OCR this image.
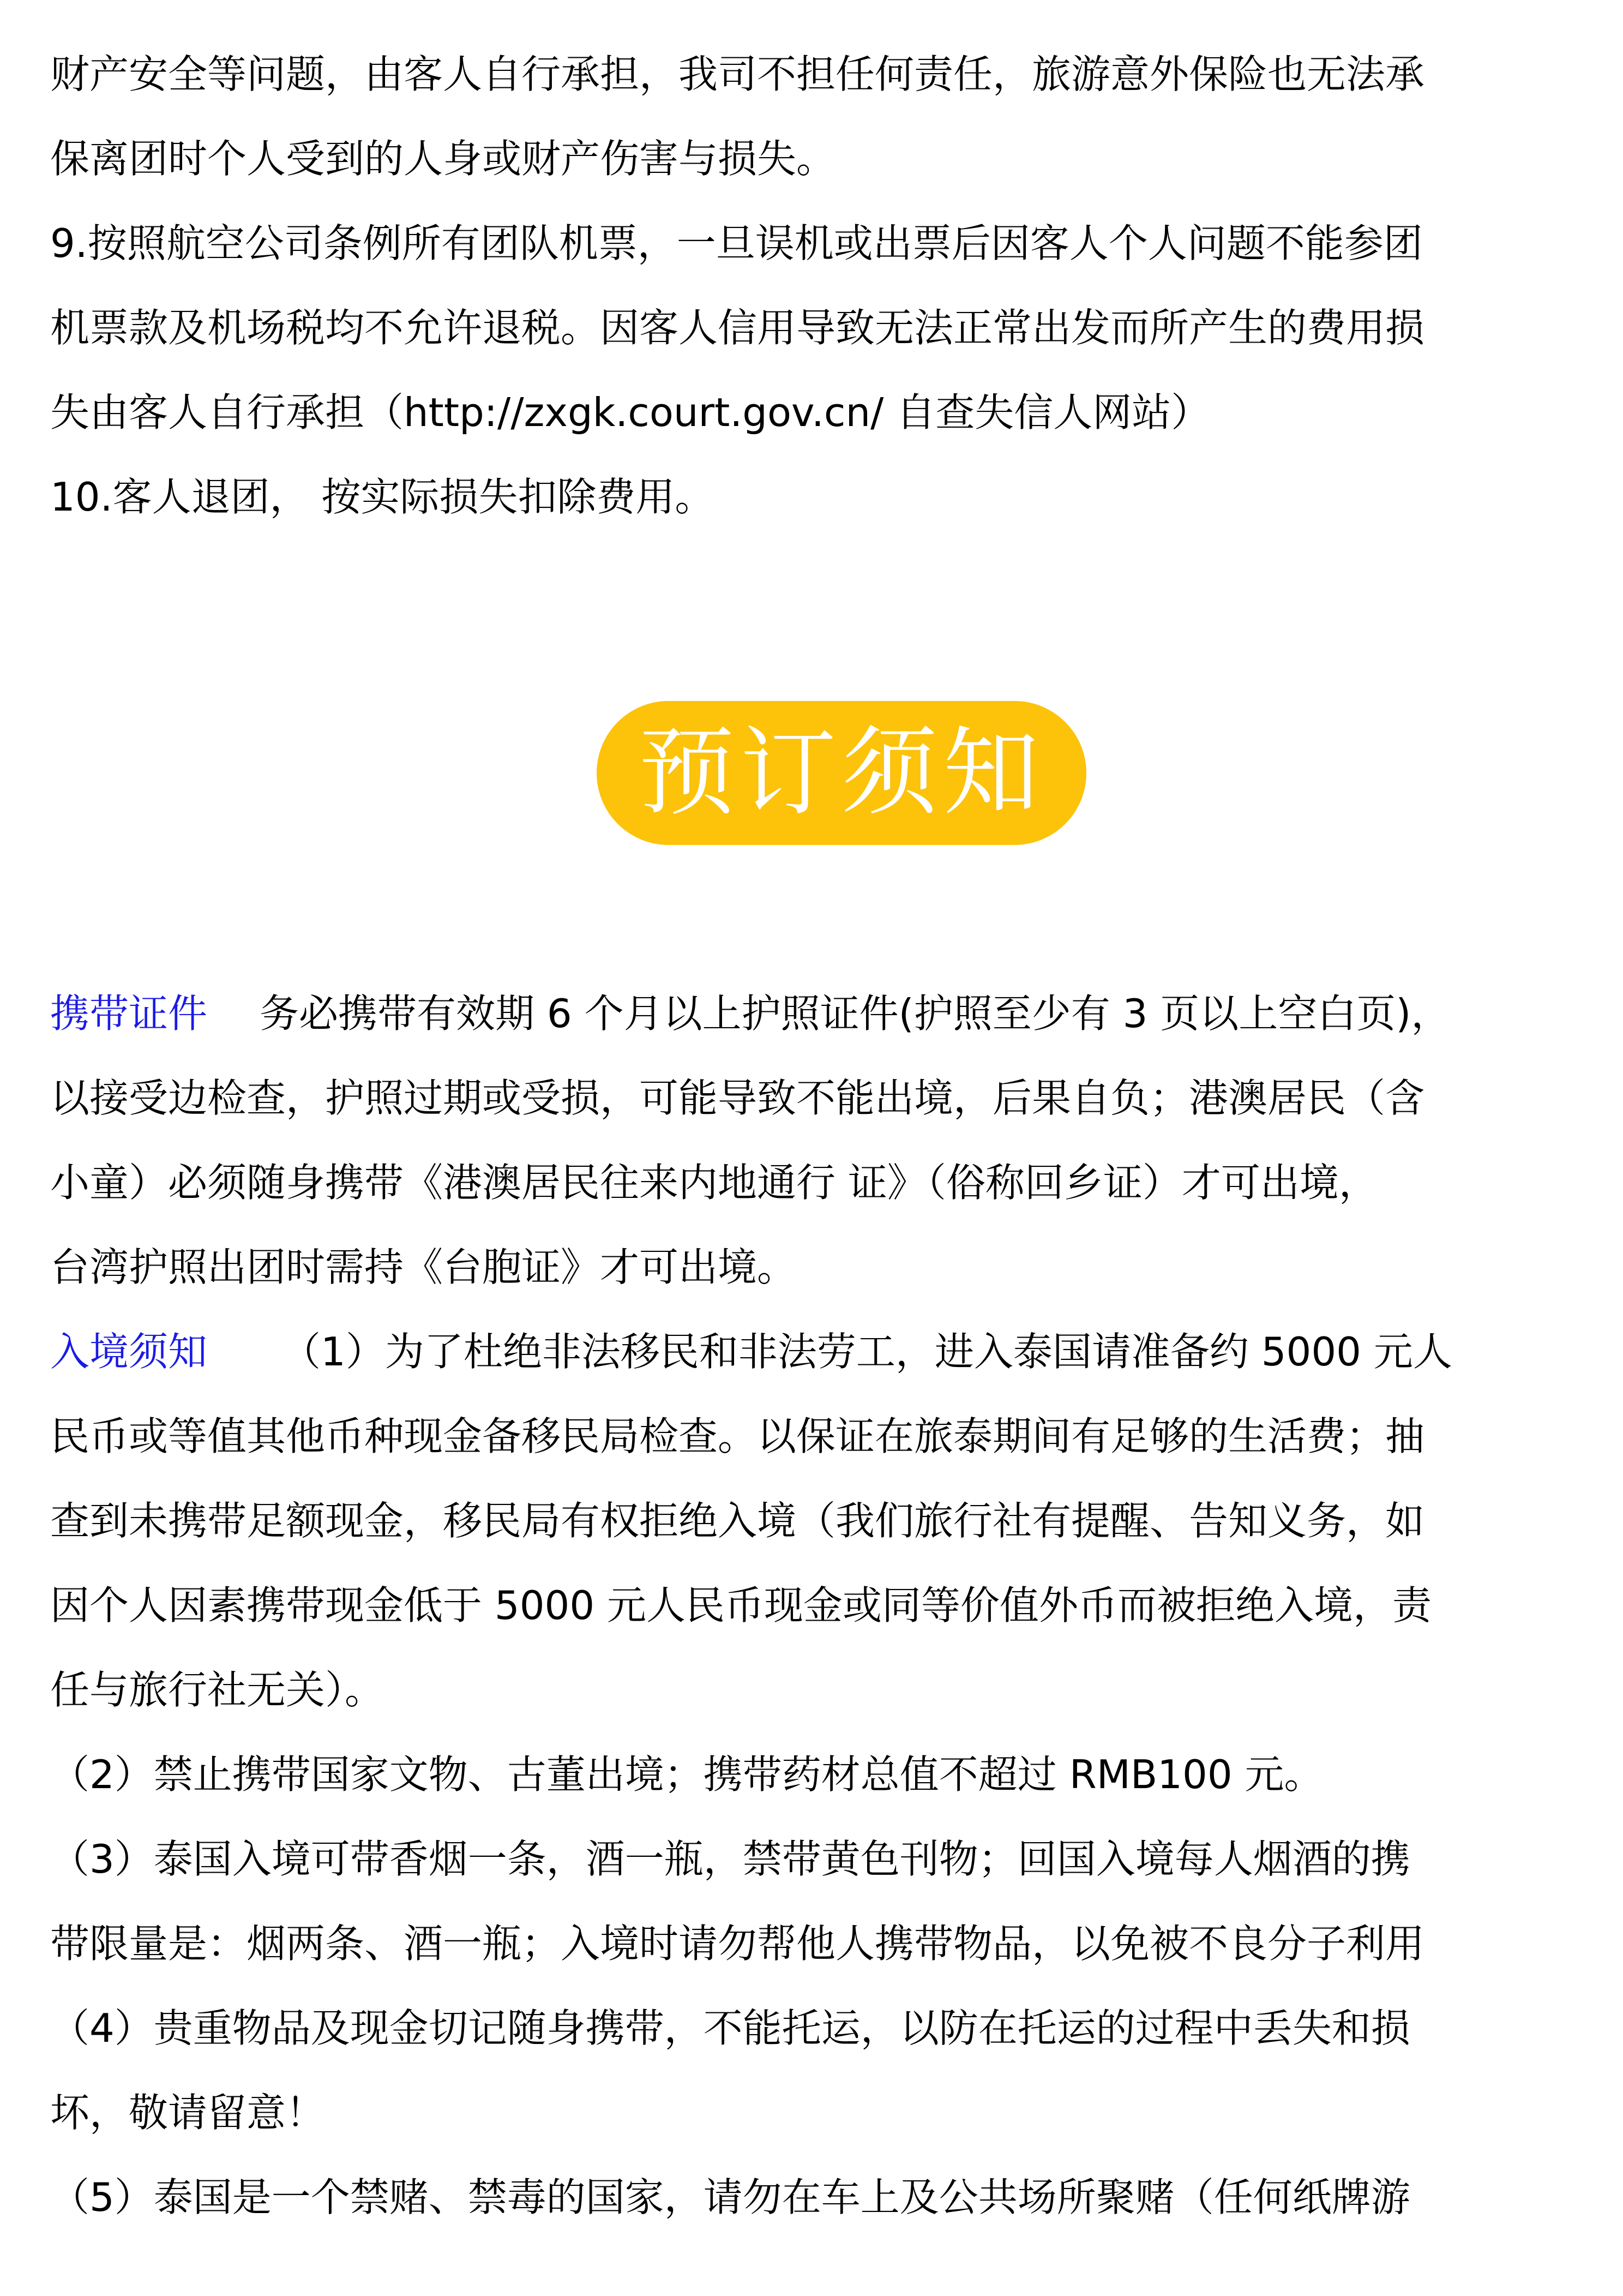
财产安全等问题，由客人自行承担，我司不担任何责任，旅游意外保险也无法承
保离团时个人受到的人身或财产伤害与损失。
9.按照航空公司条例所有团队机票，一旦误机或出票后因客人个人问题不能参团
机票款及机场税均不允许退税。因客人信用导致无法正常出发而所产生的费用损
失由客人自行承担（http://zxgk.court.gov.cn/ 自查失信人网站）
10.客人退团， 按实际损失扣除费用。
预订须知
携带证件 务必携带有效期 6 个月以上护照证件(护照至少有 3 页以上空白页)，
以接受边检查，护照过期或受损，可能导致不能出境，后果自负；港澳居民（含
小童）必须随身携带《港澳居民往来内地通行 证》（俗称回乡证）才可出境，
台湾护照出团时需持《台胞证》才可出境。
入境须知 （1）为了杜绝非法移民和非法劳工，进入泰国请准备约 5000 元人
民币或等值其他币种现金备移民局检查。以保证在旅泰期间有足够的生活费；抽
查到未携带足额现金，移民局有权拒绝入境（我们旅行社有提醒、告知义务，如
因个人因素携带现金低于 5000 元人民币现金或同等价值外币而被拒绝入境，责
任与旅行社无关）。
（2）禁止携带国家文物、古董出境；携带药材总值不超过 RMB100 元。
（3）泰国入境可带香烟一条，酒一瓶，禁带黄色刊物；回国入境每人烟酒的携
带限量是：烟两条、酒一瓶；入境时请勿帮他人携带物品，以免被不良分子利用
（4）贵重物品及现金切记随身携带，不能托运，以防在托运的过程中丢失和损
坏，敬请留意！
（5）泰国是一个禁赌、禁毒的国家，请勿在车上及公共场所聚赌（任何纸牌游
